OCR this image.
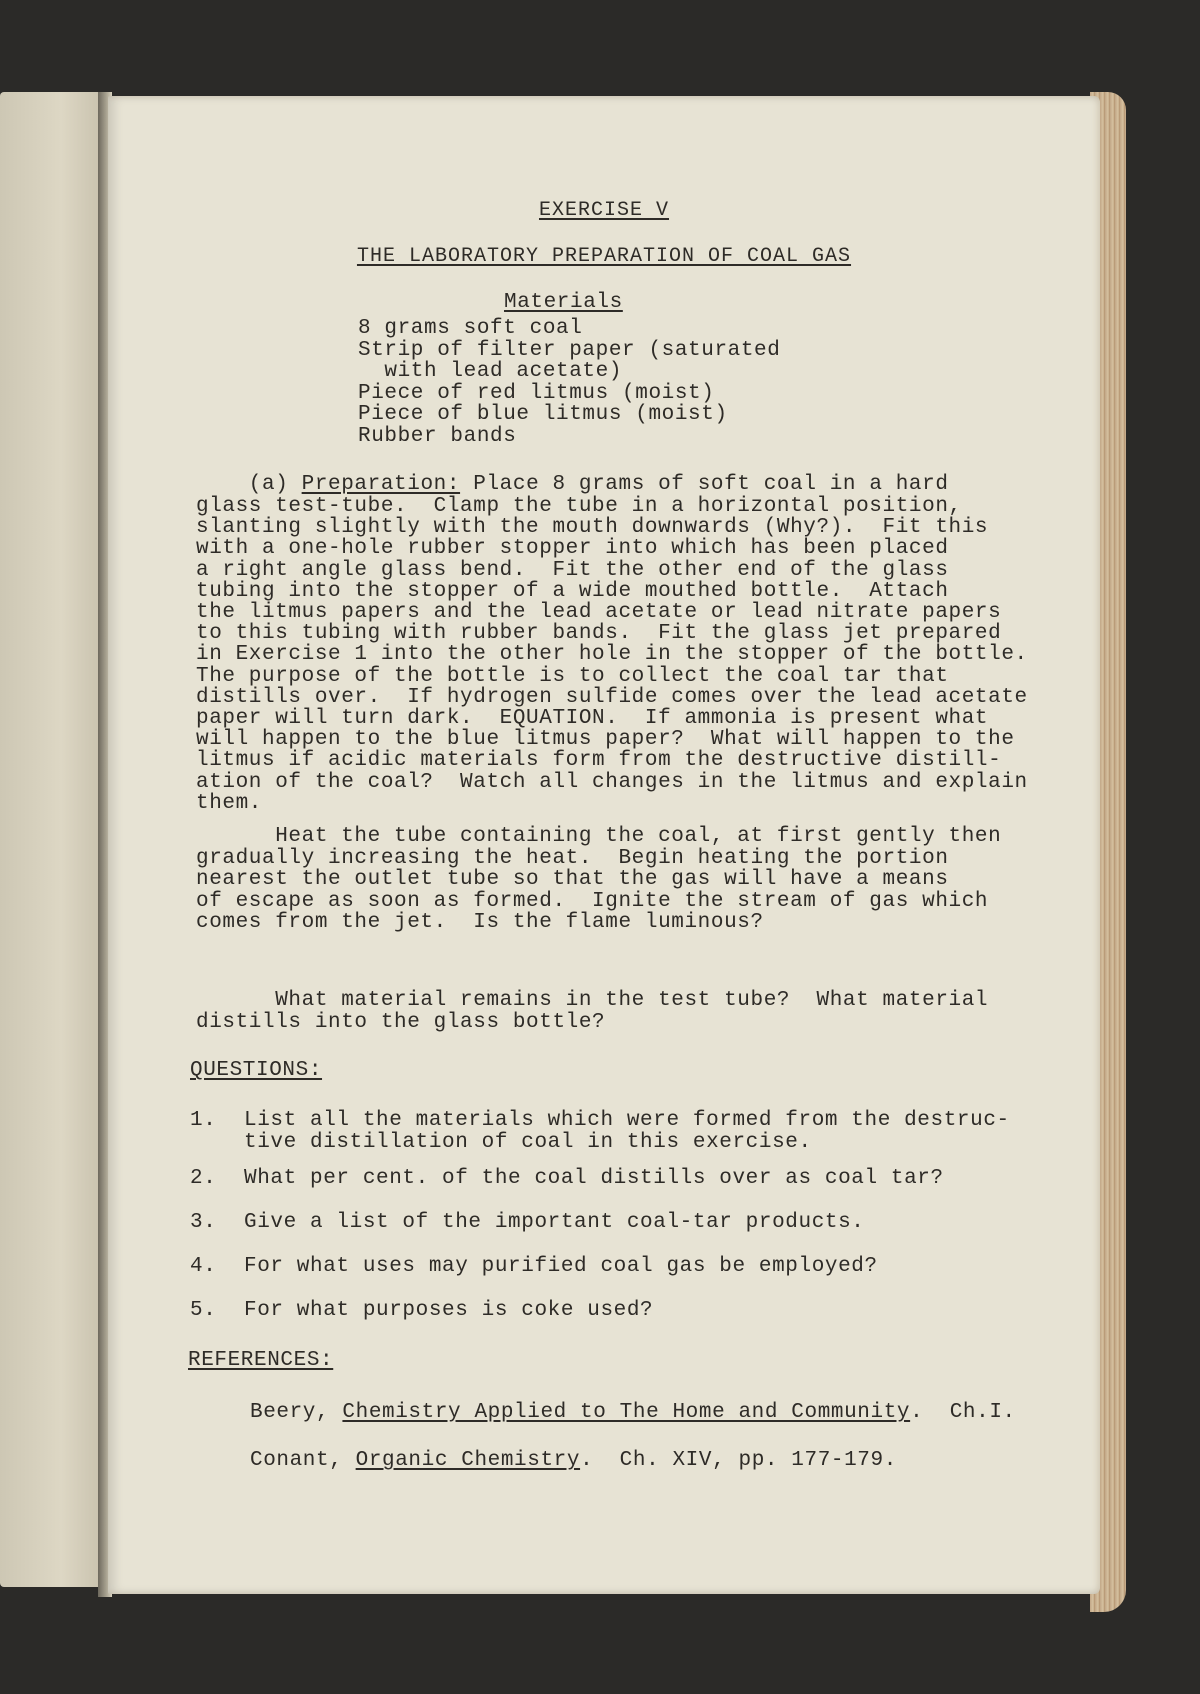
EXERCISE V
THE LABORATORY PREPARATION OF COAL GAS
Materials
8 grams soft coal
Strip of filter paper (saturated
with lead acetate)
Piece of red litmus (moist)
Piece of blue litmus (moist)
Rubber bands
(a) Preparation: Place 8 grams of soft coal in a hard
glass test-tube.  Clamp the tube in a horizontal position,
slanting slightly with the mouth downwards (Why?).  Fit this
with a one-hole rubber stopper into which has been placed
a right angle glass bend.  Fit the other end of the glass
tubing into the stopper of a wide mouthed bottle.  Attach
the litmus papers and the lead acetate or lead nitrate papers
to this tubing with rubber bands.  Fit the glass jet prepared
in Exercise 1 into the other hole in the stopper of the bottle.
The purpose of the bottle is to collect the coal tar that
distills over.  If hydrogen sulfide comes over the lead acetate
paper will turn dark.  EQUATION.  If ammonia is present what
will happen to the blue litmus paper?  What will happen to the
litmus if acidic materials form from the destructive distill-
ation of the coal?  Watch all changes in the litmus and explain
them.
Heat the tube containing the coal, at first gently then
gradually increasing the heat.  Begin heating the portion
nearest the outlet tube so that the gas will have a means
of escape as soon as formed.  Ignite the stream of gas which
comes from the jet.  Is the flame luminous?
What material remains in the test tube?  What material
distills into the glass bottle?
QUESTIONS:
1. List all the materials which were formed from the destruc-
tive distillation of coal in this exercise.
2. What per cent. of the coal distills over as coal tar?
3. Give a list of the important coal-tar products.
4. For what uses may purified coal gas be employed?
5. For what purposes is coke used?
REFERENCES:
Beery, Chemistry Applied to The Home and Community.  Ch.I.
Conant, Organic Chemistry.  Ch. XIV, pp. 177-179.
